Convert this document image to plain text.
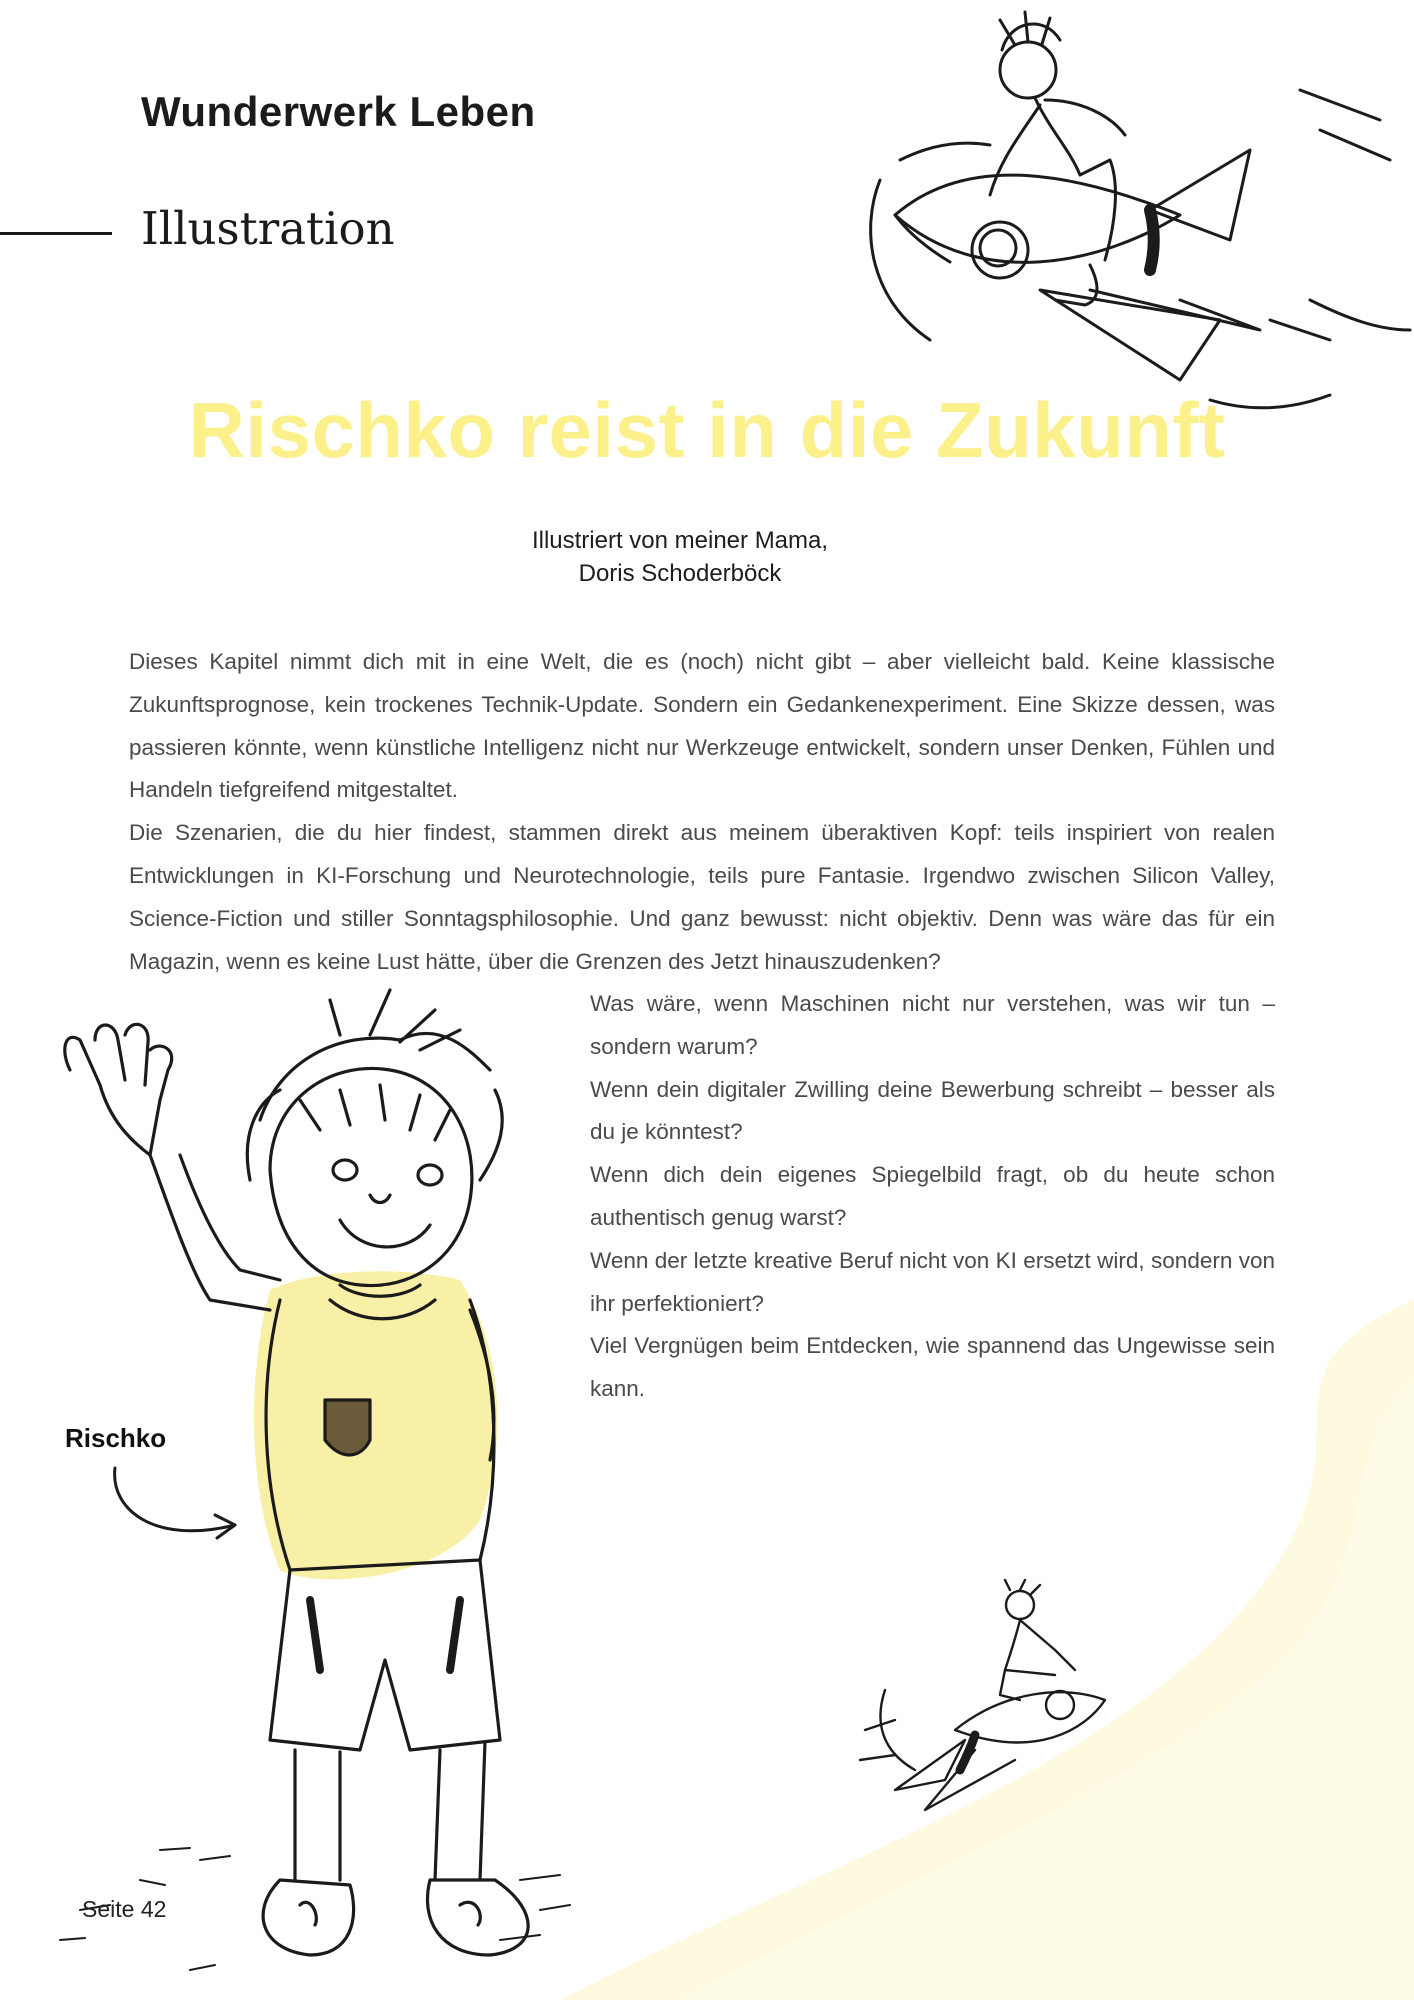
Wunderwerk Leben
Illustration
Rischko reist in die Zukunft
Illustriert von meiner Mama,
Doris Schoderböck

Dieses Kapitel nimmt dich mit in eine Welt, die es (noch) nicht gibt – aber vielleicht bald. Keine klassische Zukunftsprognose, kein trockenes Technik-Update. Sondern ein Gedankenexperiment. Eine Skizze dessen, was passieren könnte, wenn künstliche Intelligenz nicht nur Werkzeuge entwickelt, sondern unser Denken, Fühlen und Handeln tiefgreifend mitgestaltet.

Die Szenarien, die du hier findest, stammen direkt aus meinem überaktiven Kopf: teils inspiriert von realen Entwicklungen in KI-Forschung und Neurotechnologie, teils pure Fantasie. Irgendwo zwischen Silicon Valley, Science-Fiction und stiller Sonntagsphilosophie. Und ganz bewusst: nicht objektiv. Denn was wäre das für ein Magazin, wenn es keine Lust hätte, über die Grenzen des Jetzt hinauszudenken?

Was wäre, wenn Maschinen nicht nur verstehen, was wir tun – sondern warum?

Wenn dein digitaler Zwilling deine Bewerbung schreibt – besser als du je könntest?

Wenn dich dein eigenes Spiegelbild fragt, ob du heute schon authentisch genug warst?

Wenn der letzte kreative Beruf nicht von KI ersetzt wird, sondern von ihr perfektioniert?

Viel Vergnügen beim Entdecken, wie spannend das Ungewisse sein kann.

Rischko
Seite 42
